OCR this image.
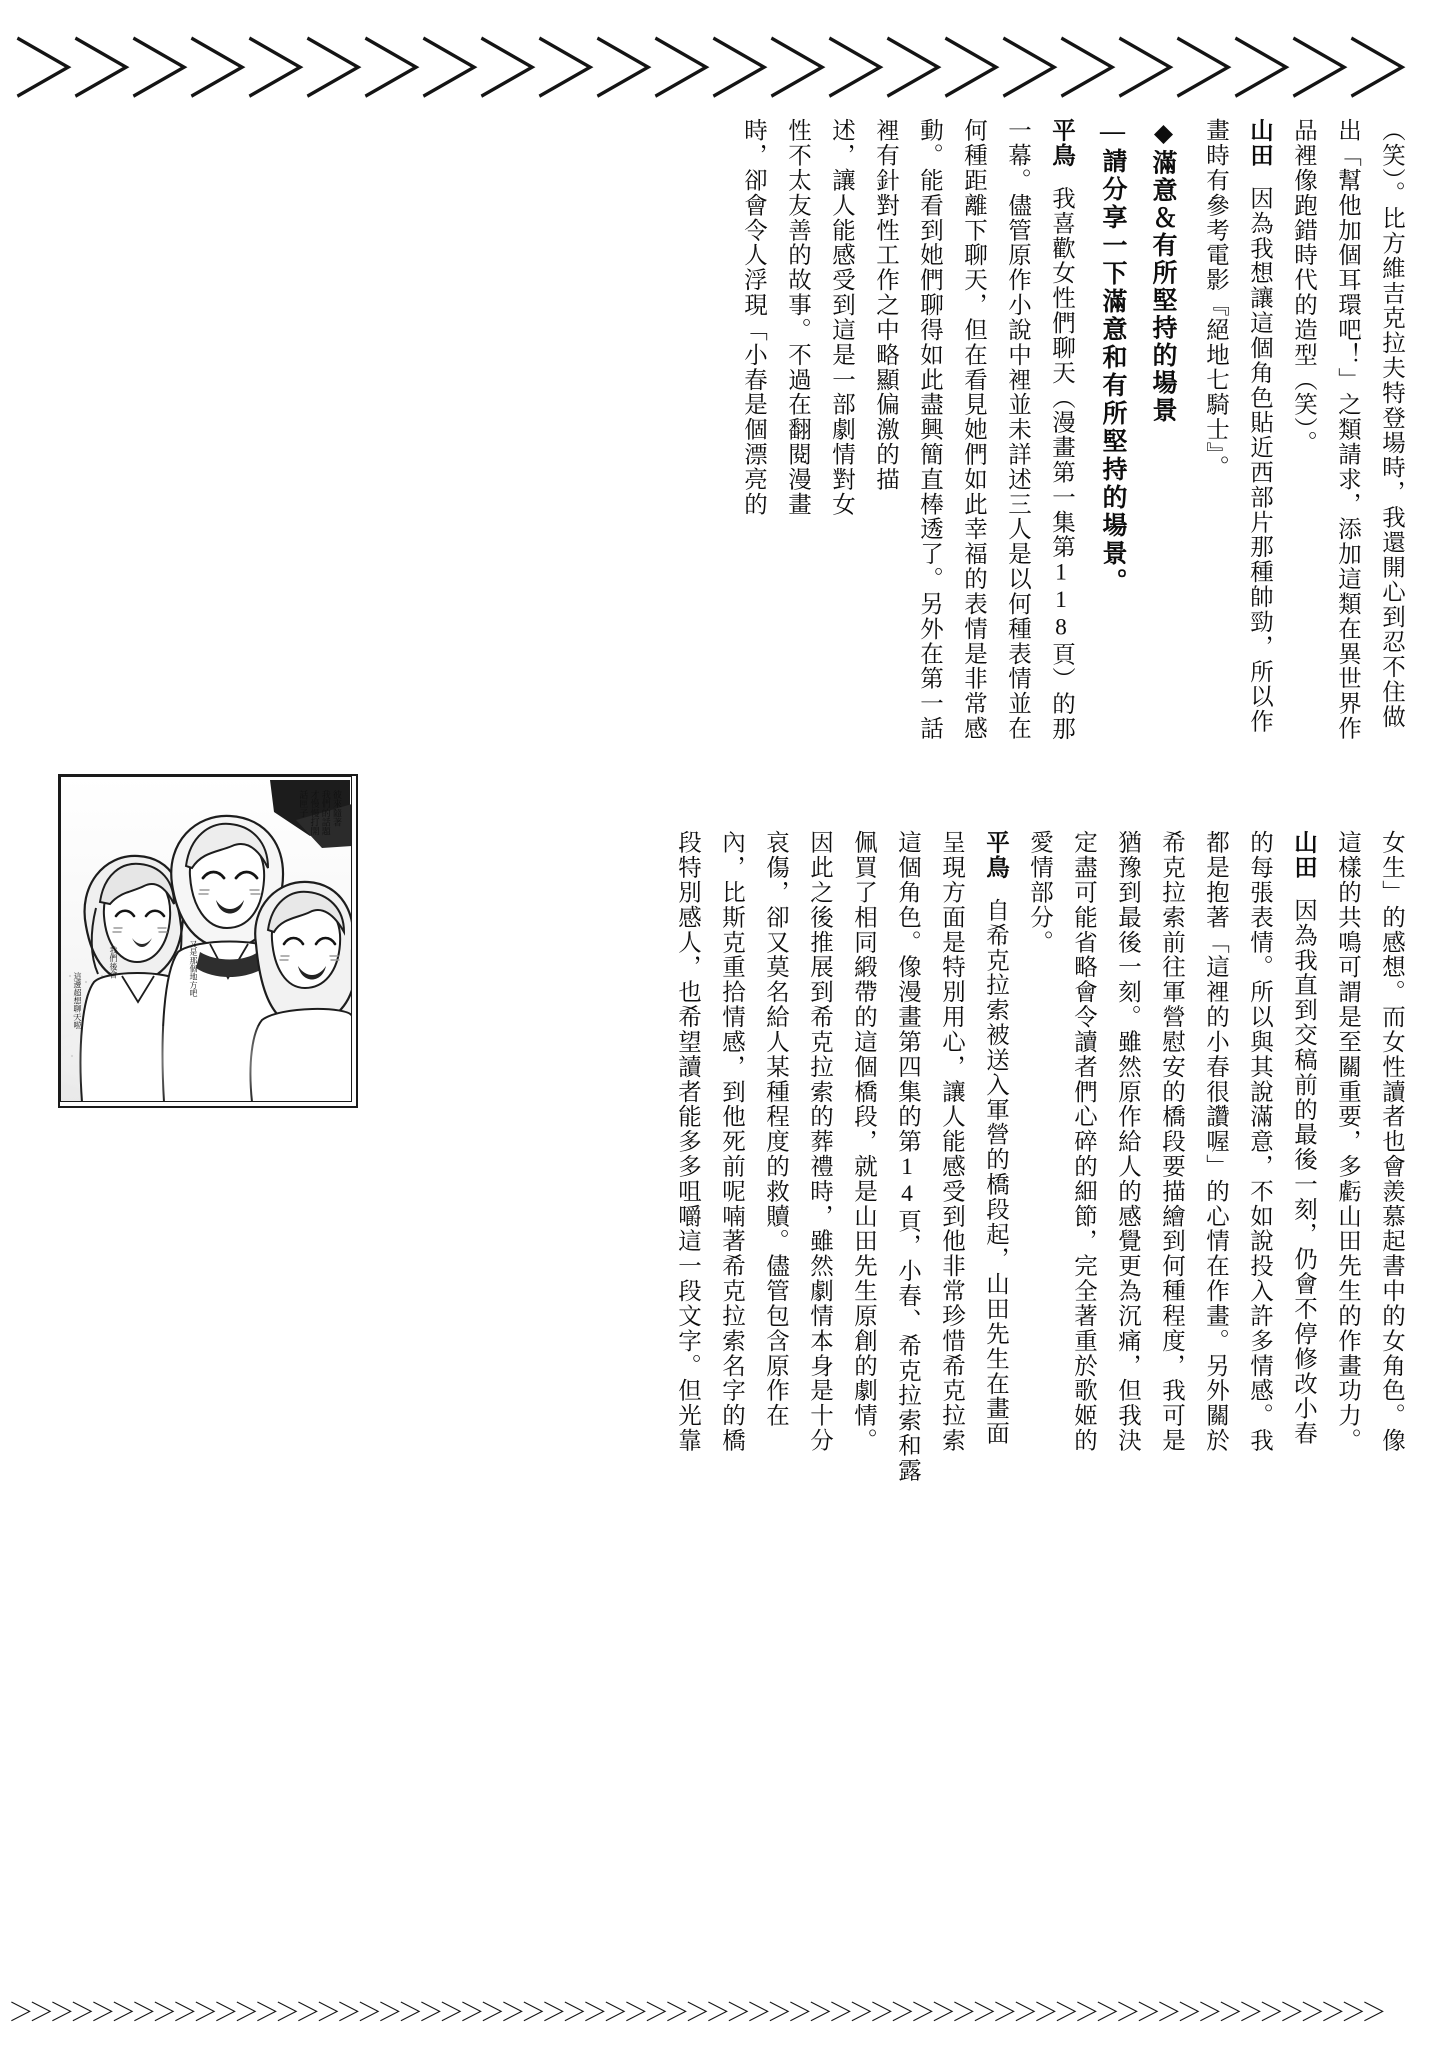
＞
＞
＞
＞
＞
＞
＞
＞
＞
＞
＞
＞
＞
＞
＞
＞
＞
＞
＞
＞
＞
＞
＞
＞
＞
＞
＞
＞
＞
＞
＞
＞
＞
＞
＞
＞
＞
＞
＞
＞
＞
＞
＞
＞
＞
＞
＞
＞
＞
＞
＞
＞
＞
＞
＞
＞
＞
＞
＞
＞
＞
＞
＞
＞
＞
＞
＞
＞
＞
＞
＞
＞
＞
＞
＞
＞
＞
＞
＞
＞
＞
＞
＞
＞
＞
＞
＞
＞
＞
＞
＞
（笑）。比方維吉克拉夫特登場時，我還開心到忍不住做
出「幫他加個耳環吧！」之類請求，添加這類在異世界作
品裡像跑錯時代的造型（笑）。
山田因為我想讓這個角色貼近西部片那種帥勁，所以作
畫時有參考電影『絕地七騎士』。
◆滿意＆有所堅持的場景
—請分享一下滿意和有所堅持的場景。
平鳥我喜歡女性們聊天（漫畫第一集第118頁）的那
一幕。儘管原作小說中裡並未詳述三人是以何種表情並在
何種距離下聊天，但在看見她們如此幸福的表情是非常感
動。能看到她們聊得如此盡興簡直棒透了。另外在第一話
裡有針對性工作之中略顯偏激的描
述，讓人能感受到這是一部劇情對女
性不太友善的故事。不過在翻閱漫畫
時，卻會令人浮現「小春是個漂亮的
女生」的感想。而女性讀者也會羨慕起書中的女角色。像
這樣的共鳴可謂是至關重要，多虧山田先生的作畫功力。
山田因為我直到交稿前的最後一刻，仍會不停修改小春
的每張表情。所以與其說滿意，不如說投入許多情感。我
都是抱著「這裡的小春很讚喔」的心情在作畫。另外關於
希克拉索前往軍營慰安的橋段要描繪到何種程度，我可是
猶豫到最後一刻。雖然原作給人的感覺更為沉痛，但我決
定盡可能省略會令讀者們心碎的細節，完全著重於歌姬的
愛情部分。
平鳥自希克拉索被送入軍營的橋段起，山田先生在畫面
呈現方面是特別用心，讓人能感受到他非常珍惜希克拉索
這個角色。像漫畫第四集的第14頁，小春、希克拉索和露
佩買了相同緞帶的這個橋段，就是山田先生原創的劇情。
因此之後推展到希克拉索的葬禮時，雖然劇情本身是十分
哀傷，卻又莫名給人某種程度的救贖。儘管包含原作在
內，比斯克重拾情感，到他死前呢喃著希克拉索名字的橋
段特別感人，也希望讀者能多多咀嚼這一段文字。但光靠
彼來隨著
我們的話題
才慢慢打開
話匣子
我們後會
這邊超想聊天啦
又是那個地方吧
